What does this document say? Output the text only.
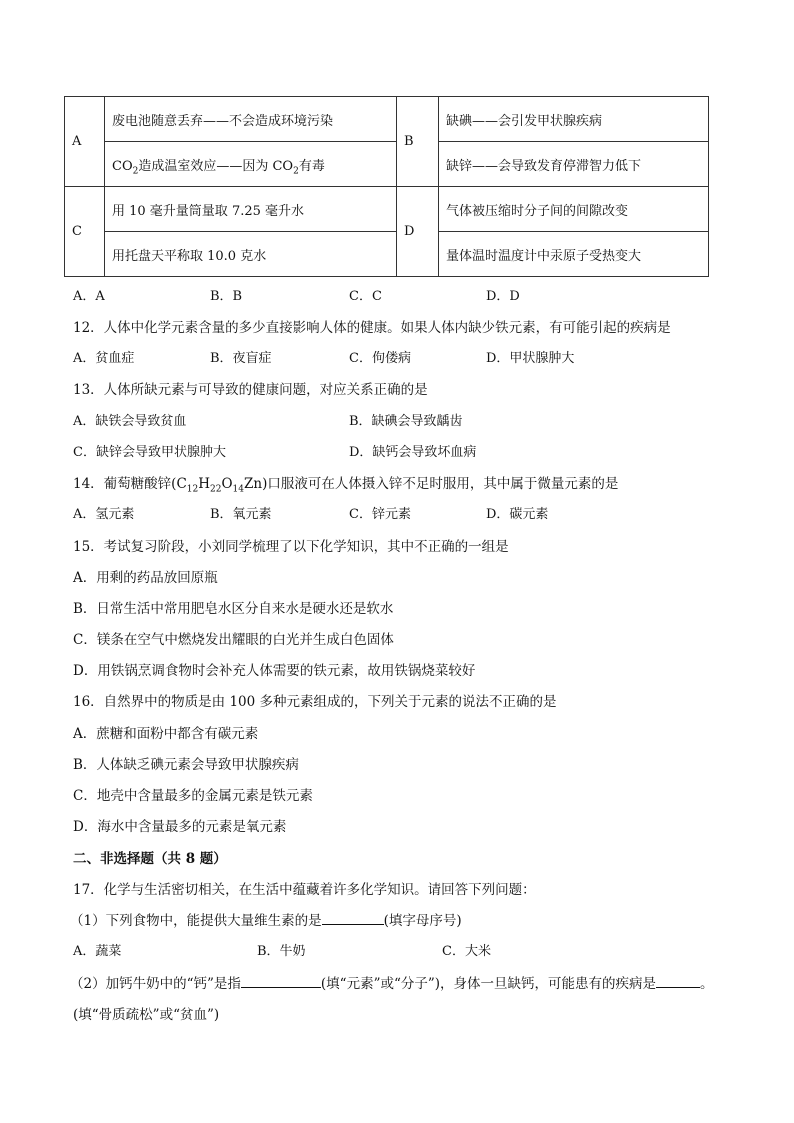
A	废电池随意丢弃——不会造成环境污染	B	缺碘——会引发甲状腺疾病
	$CO_2$造成温室效应——因为 $CO_2$有毒		缺锌——会导致发育停滞智力低下
C	用 10 毫升量筒量取 7.25 毫升水	D	气体被压缩时分子间的间隙改变
	用托盘天平称取 10.0 克水		量体温时温度计中汞原子受热变大
A．A	B．B	C．C	D．D
12．人体中化学元素含量的多少直接影响人体的健康。如果人体内缺少铁元素，有可能引起的疾病是
A．贫血症	B．夜盲症	C．佝偻病	D．甲状腺肿大
13．人体所缺元素与可导致的健康问题，对应关系正确的是
A．缺铁会导致贫血	B．缺碘会导致龋齿
C．缺锌会导致甲状腺肿大	D．缺钙会导致坏血病
14．葡萄糖酸锌$(C_{12}H_{22}O_{14}Zn)$口服液可在人体摄入锌不足时服用，其中属于微量元素的是
A．氢元素	B．氧元素	C．锌元素	D．碳元素
15．考试复习阶段，小刘同学梳理了以下化学知识，其中不正确的一组是
A．用剩的药品放回原瓶
B．日常生活中常用肥皂水区分自来水是硬水还是软水
C．镁条在空气中燃烧发出耀眼的白光并生成白色固体
D．用铁锅烹调食物时会补充人体需要的铁元素，故用铁锅烧菜较好
16．自然界中的物质是由 100 多种元素组成的，下列关于元素的说法不正确的是
A．蔗糖和面粉中都含有碳元素
B．人体缺乏碘元素会导致甲状腺疾病
C．地壳中含量最多的金属元素是铁元素
D．海水中含量最多的元素是氧元素
二、非选择题（共 8 题）
17．化学与生活密切相关，在生活中蕴藏着许多化学知识。请回答下列问题：
（1）下列食物中，能提供大量维生素的是	(填字母序号)
A．蔬菜	B．牛奶	C．大米
（2）加钙牛奶中的“钙”是指	(填“元素”或“分子”)，身体一旦缺钙，可能患有的疾病是	。
(填“骨质疏松”或“贫血”)
